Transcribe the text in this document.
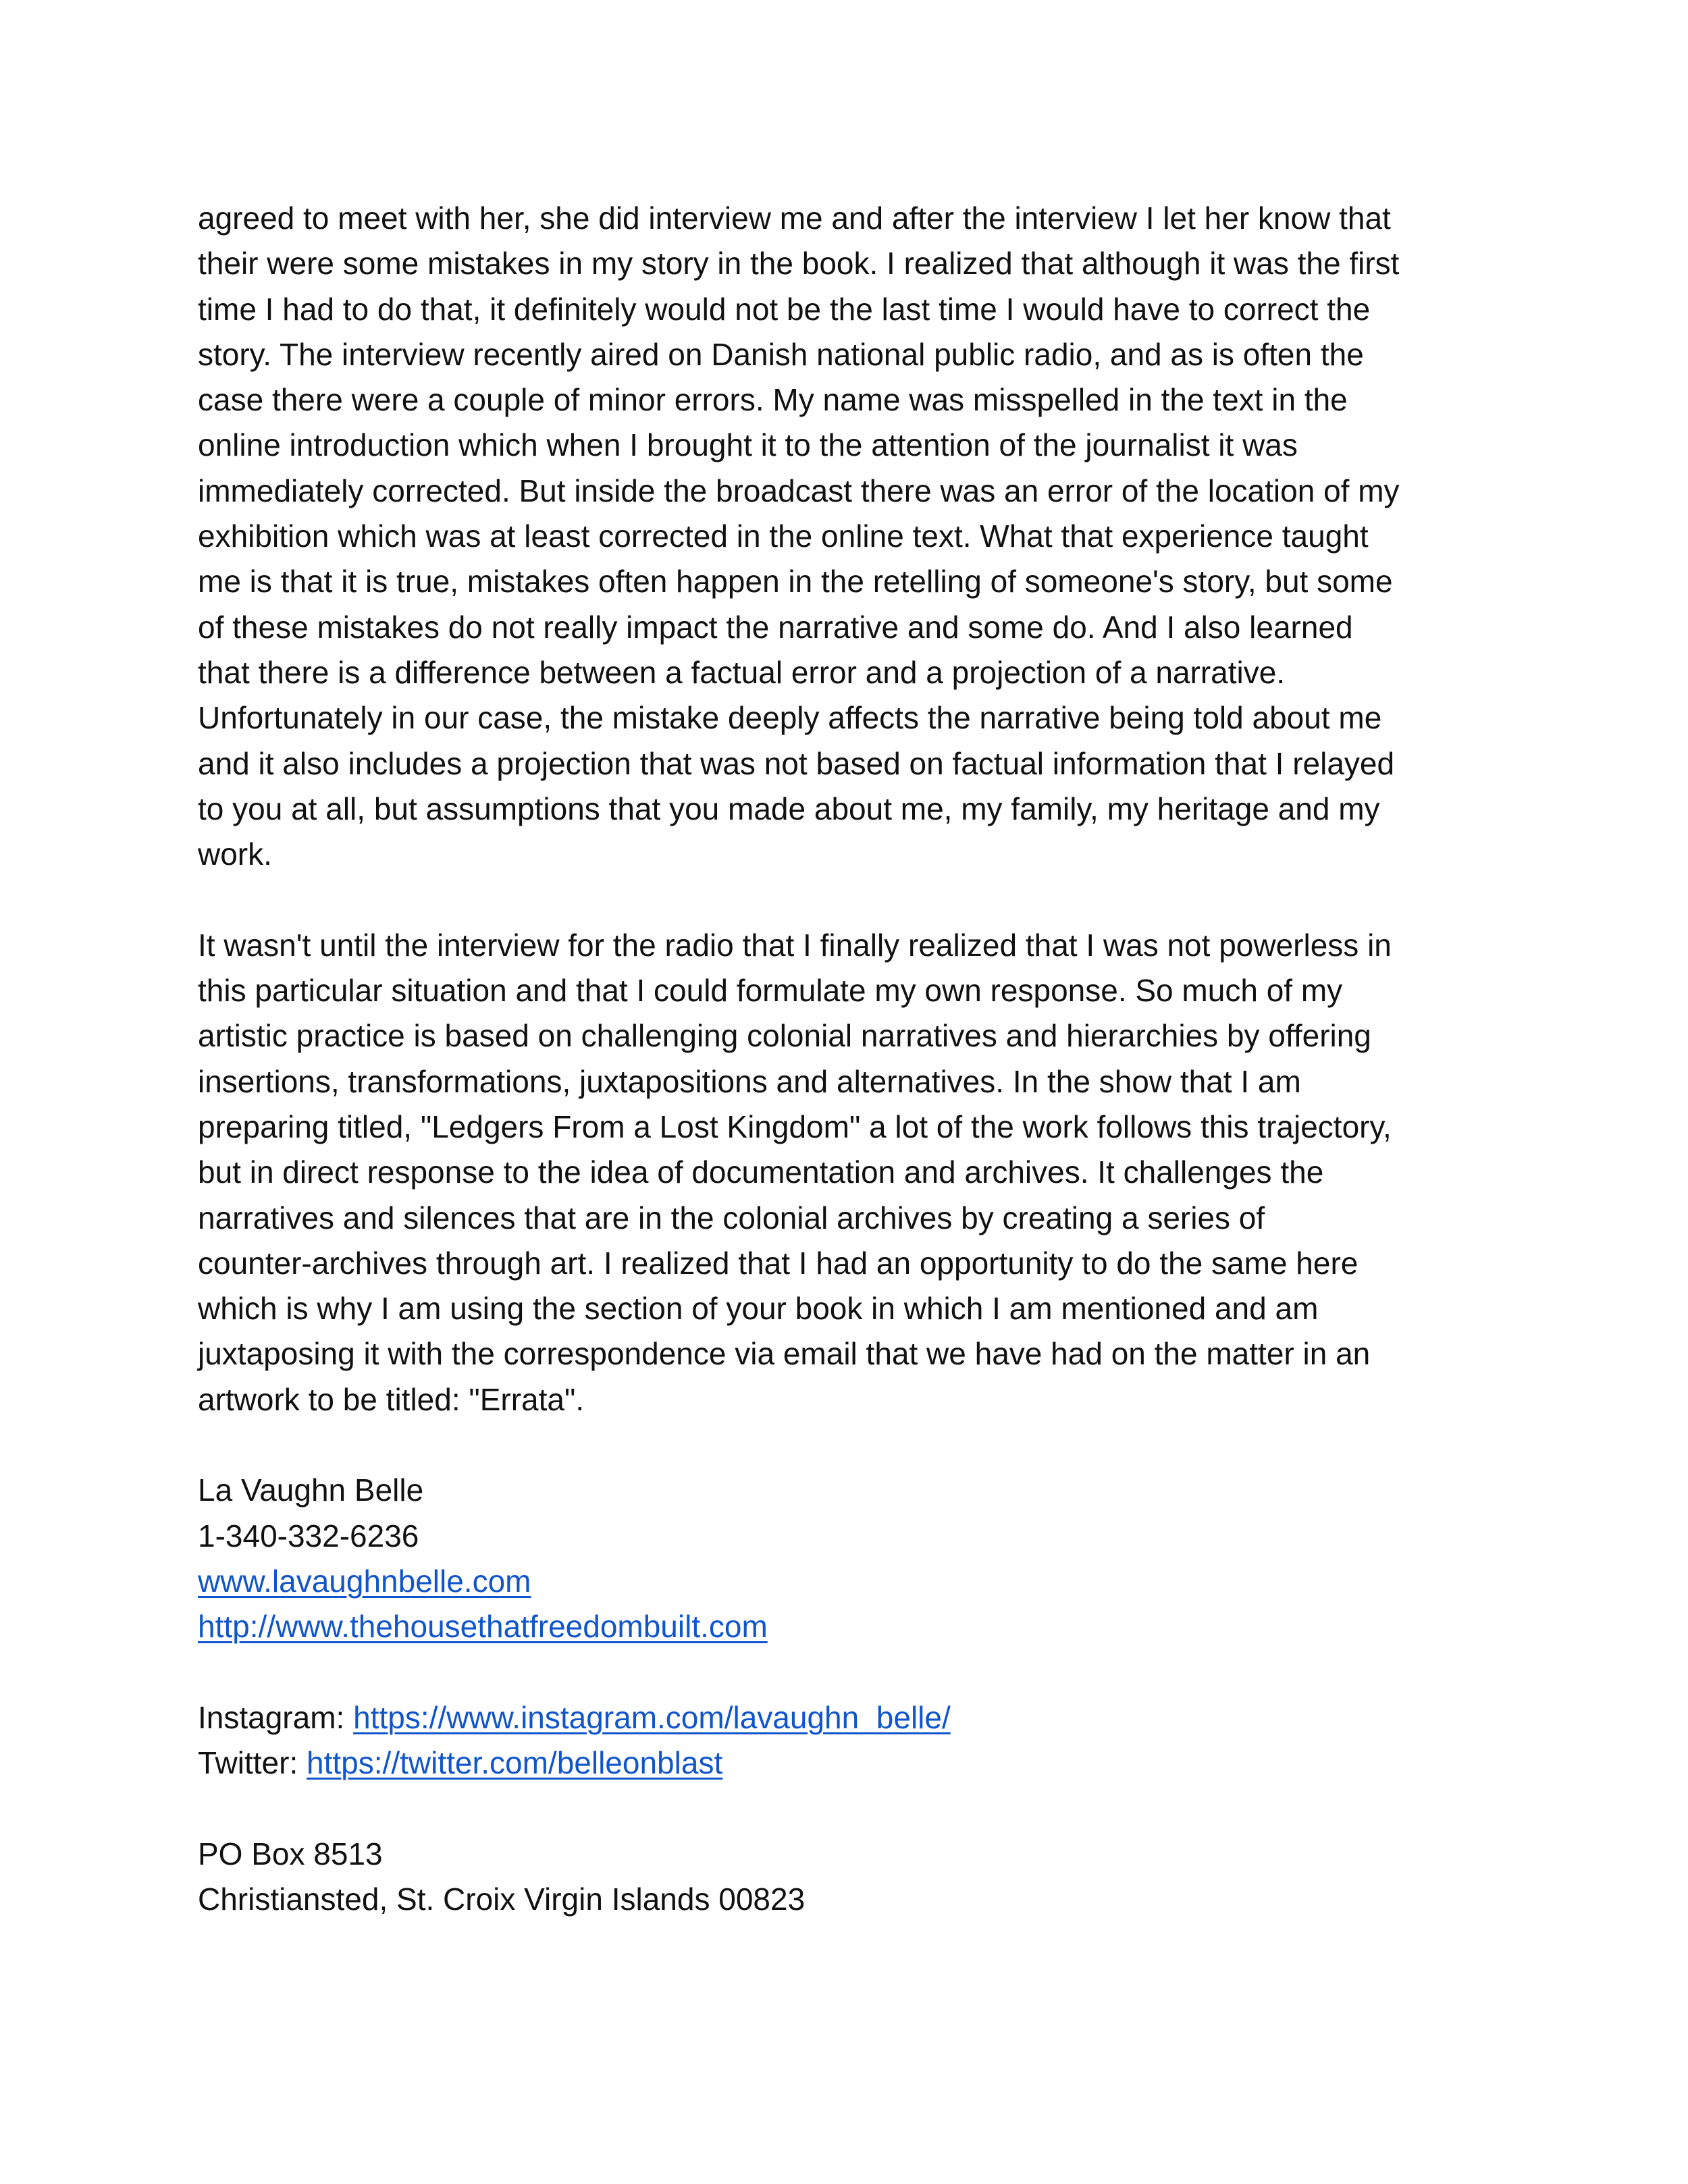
agreed to meet with her, she did interview me and after the interview I let her know that
their were some mistakes in my story in the book. I realized that although it was the first
time I had to do that, it definitely would not be the last time I would have to correct the
story. The interview recently aired on Danish national public radio, and as is often the
case there were a couple of minor errors. My name was misspelled in the text in the
online introduction which when I brought it to the attention of the journalist it was
immediately corrected. But inside the broadcast there was an error of the location of my
exhibition which was at least corrected in the online text. What that experience taught
me is that it is true, mistakes often happen in the retelling of someone's story, but some
of these mistakes do not really impact the narrative and some do. And I also learned
that there is a difference between a factual error and a projection of a narrative.
Unfortunately in our case, the mistake deeply affects the narrative being told about me
and it also includes a projection that was not based on factual information that I relayed
to you at all, but assumptions that you made about me, my family, my heritage and my
work.
It wasn't until the interview for the radio that I finally realized that I was not powerless in
this particular situation and that I could formulate my own response. So much of my
artistic practice is based on challenging colonial narratives and hierarchies by offering
insertions, transformations, juxtapositions and alternatives. In the show that I am
preparing titled, "Ledgers From a Lost Kingdom" a lot of the work follows this trajectory,
but in direct response to the idea of documentation and archives. It challenges the
narratives and silences that are in the colonial archives by creating a series of
counter-archives through art. I realized that I had an opportunity to do the same here
which is why I am using the section of your book in which I am mentioned and am
juxtaposing it with the correspondence via email that we have had on the matter in an
artwork to be titled: "Errata".
La Vaughn Belle
1-340-332-6236
www.lavaughnbelle.com
http://www.thehousethatfreedombuilt.com
Instagram: https://www.instagram.com/lavaughn_belle/
Twitter: https://twitter.com/belleonblast
PO Box 8513
Christiansted, St. Croix Virgin Islands 00823
